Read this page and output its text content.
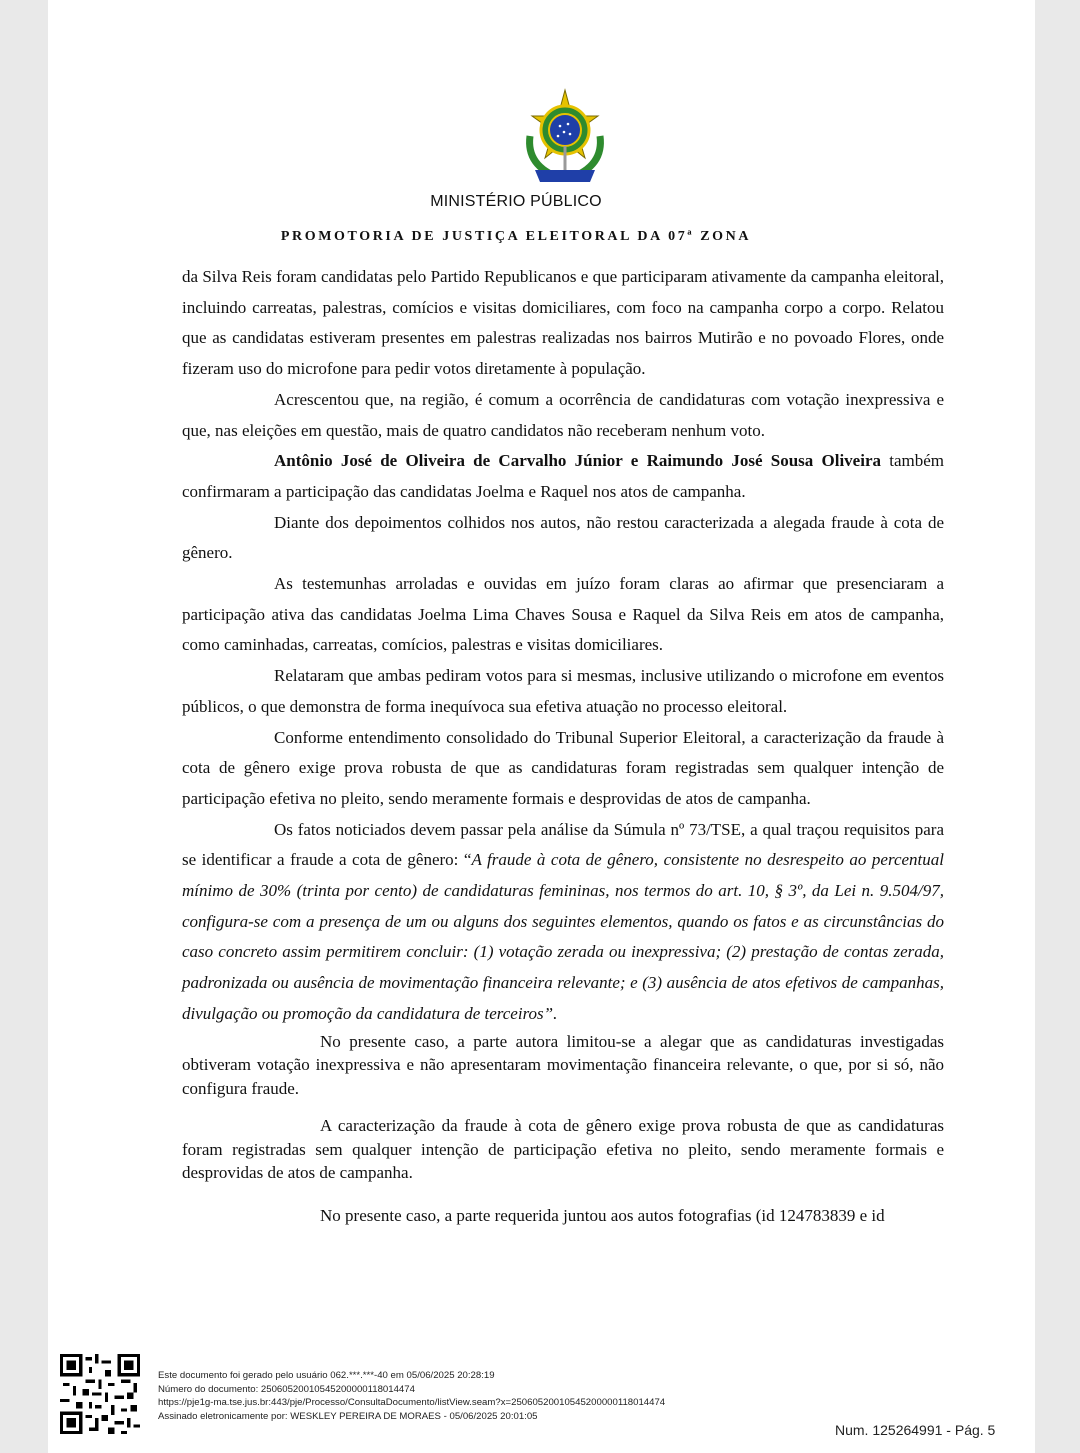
MINISTÉRIO PÚBLICO
PROMOTORIA DE JUSTIÇA ELEITORAL DA 07ª ZONA

da Silva Reis foram candidatas pelo Partido Republicanos e que participaram ativamente da campanha eleitoral, incluindo carreatas, palestras, comícios e visitas domiciliares, com foco na campanha corpo a corpo. Relatou que as candidatas estiveram presentes em palestras realizadas nos bairros Mutirão e no povoado Flores, onde fizeram uso do microfone para pedir votos diretamente à população.

Acrescentou que, na região, é comum a ocorrência de candidaturas com votação inexpressiva e que, nas eleições em questão, mais de quatro candidatos não receberam nenhum voto.

Antônio José de Oliveira de Carvalho Júnior e Raimundo José Sousa Oliveira também confirmaram a participação das candidatas Joelma e Raquel nos atos de campanha.

Diante dos depoimentos colhidos nos autos, não restou caracterizada a alegada fraude à cota de gênero.

As testemunhas arroladas e ouvidas em juízo foram claras ao afirmar que presenciaram a participação ativa das candidatas Joelma Lima Chaves Sousa e Raquel da Silva Reis em atos de campanha, como caminhadas, carreatas, comícios, palestras e visitas domiciliares.

Relataram que ambas pediram votos para si mesmas, inclusive utilizando o microfone em eventos públicos, o que demonstra de forma inequívoca sua efetiva atuação no processo eleitoral.

Conforme entendimento consolidado do Tribunal Superior Eleitoral, a caracterização da fraude à cota de gênero exige prova robusta de que as candidaturas foram registradas sem qualquer intenção de participação efetiva no pleito, sendo meramente formais e desprovidas de atos de campanha.

Os fatos noticiados devem passar pela análise da Súmula nº 73/TSE, a qual traçou requisitos para se identificar a fraude a cota de gênero: “A fraude à cota de gênero, consistente no desrespeito ao percentual mínimo de 30% (trinta por cento) de candidaturas femininas, nos termos do art. 10, § 3º, da Lei n. 9.504/97, configura-se com a presença de um ou alguns dos seguintes elementos, quando os fatos e as circunstâncias do caso concreto assim permitirem concluir: (1) votação zerada ou inexpressiva; (2) prestação de contas zerada, padronizada ou ausência de movimentação financeira relevante; e (3) ausência de atos efetivos de campanhas, divulgação ou promoção da candidatura de terceiros”.

No presente caso, a parte autora limitou-se a alegar que as candidaturas investigadas obtiveram votação inexpressiva e não apresentaram movimentação financeira relevante, o que, por si só, não configura fraude.

A caracterização da fraude à cota de gênero exige prova robusta de que as candidaturas foram registradas sem qualquer intenção de participação efetiva no pleito, sendo meramente formais e desprovidas de atos de campanha.

No presente caso, a parte requerida juntou aos autos fotografias (id 124783839 e id

Este documento foi gerado pelo usuário 062.***.***-40 em 05/06/2025 20:28:19
Número do documento: 25060520010545200000118014474
https://pje1g-ma.tse.jus.br:443/pje/Processo/ConsultaDocumento/listView.seam?x=25060520010545200000118014474
Assinado eletronicamente por: WESKLEY PEREIRA DE MORAES - 05/06/2025 20:01:05
Num. 125264991 - Pág. 5
